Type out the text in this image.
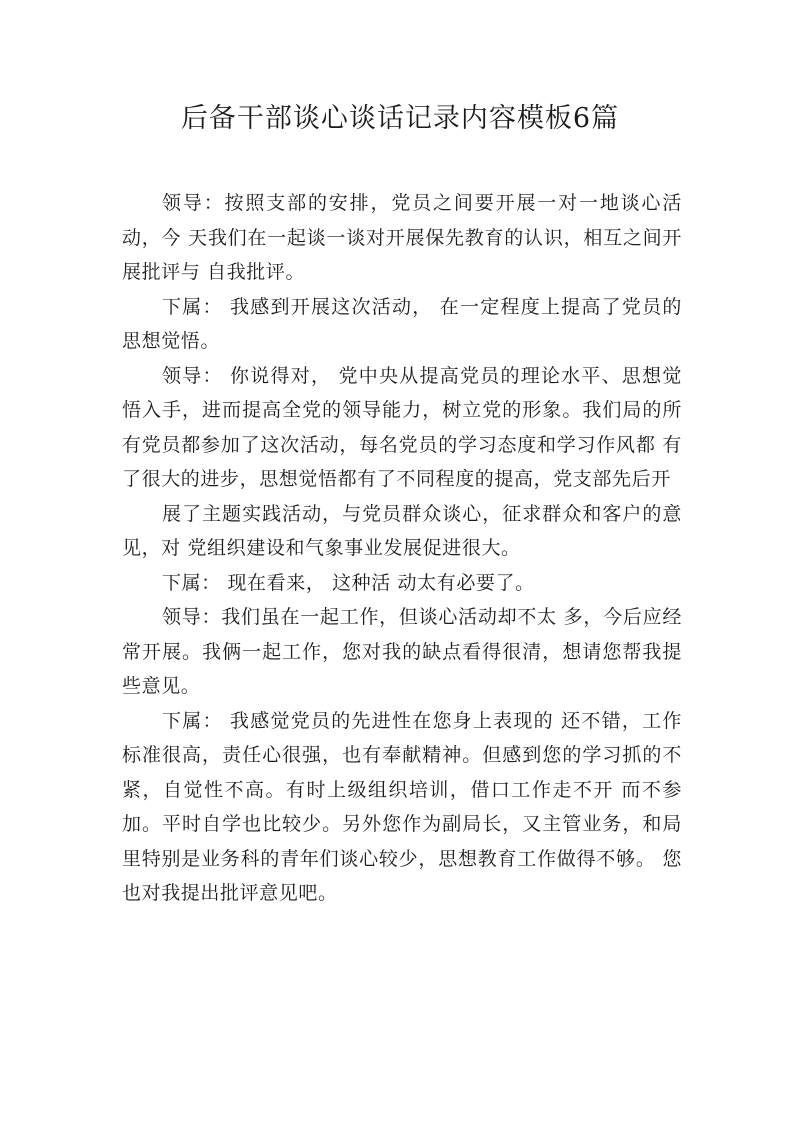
后备干部谈心谈话记录内容模板6篇

领导：按照支部的安排，党员之间要开展一对一地谈心活动，今 天我们在一起谈一谈对开展保先教育的认识，相互之间开展批评与 自我批评。

下属： 我感到开展这次活动， 在一定程度上提高了党员的思想觉悟。

领导： 你说得对， 党中央从提高党员的理论水平、思想觉悟入手，进而提高全党的领导能力，树立党的形象。我们局的所有党员都参加了这次活动，每名党员的学习态度和学习作风都 有了很大的进步，思想觉悟都有了不同程度的提高，党支部先后开

展了主题实践活动，与党员群众谈心，征求群众和客户的意见，对 党组织建设和气象事业发展促进很大。

下属： 现在看来， 这种活 动太有必要了。

领导：我们虽在一起工作，但谈心活动却不太 多，今后应经常开展。我俩一起工作，您对我的缺点看得很清，想请您帮我提些意见。

下属： 我感觉党员的先进性在您身上表现的 还不错，工作标准很高，责任心很强，也有奉献精神。但感到您的学习抓的不紧，自觉性不高。有时上级组织培训，借口工作走不开 而不参加。平时自学也比较少。另外您作为副局长，又主管业务，和局里特别是业务科的青年们谈心较少，思想教育工作做得不够。 您也对我提出批评意见吧。
